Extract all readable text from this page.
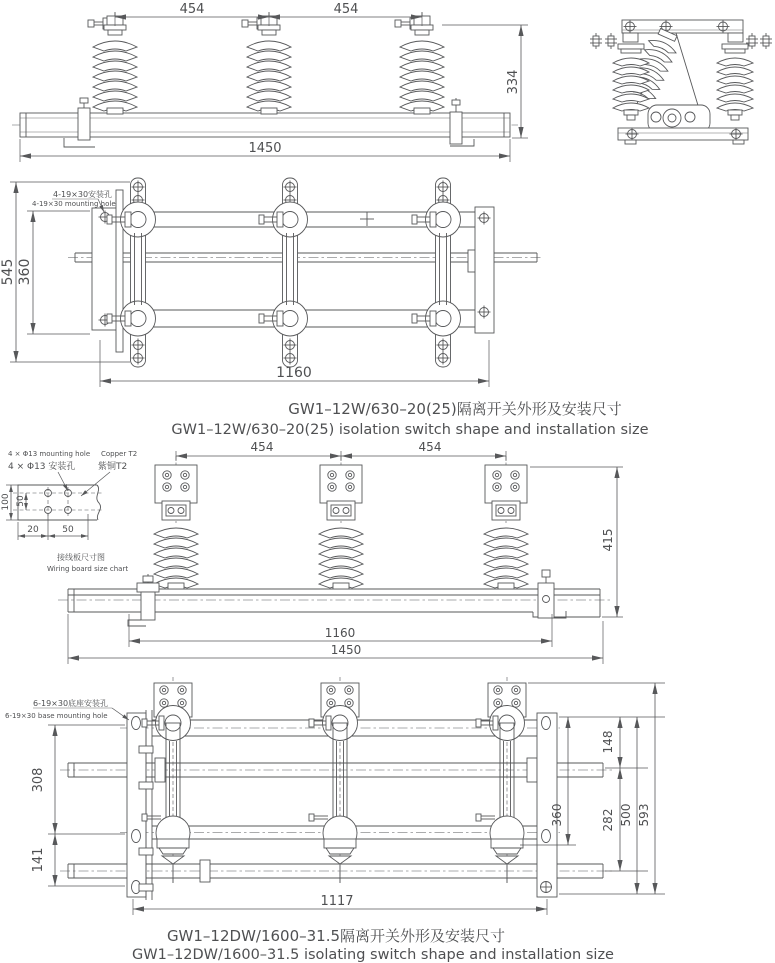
454	454
334
1450
4-19×30安装孔
4-19×30 mounting hole
545 360
1160
GW1–12W/630–20(25)隔离开关外形及安装尺寸
GW1–12W/630–20(25) isolation switch shape and installation size
4 × Φ13 mounting hole Copper T2
4 × Φ13 安装孔	紫铜T2
100 50
20	50
接线板尺寸图
Wiring board size chart
454	454
415
1160
1450
6-19×30底座安装孔
6-19×30 base mounting hole
308
141
360
148
282 500 593
1117
GW1–12DW/1600–31.5隔离开关外形及安装尺寸
GW1–12DW/1600–31.5 isolating switch shape and installation size
